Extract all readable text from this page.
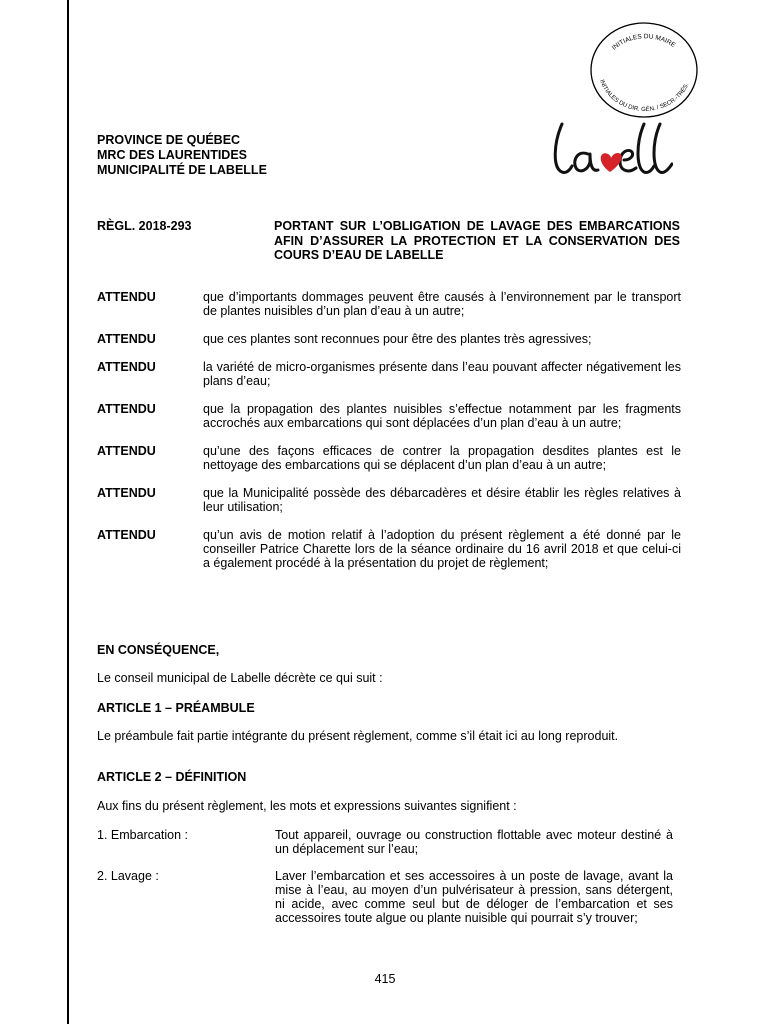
INITIALES DU MAIRE
INITIALES DU DIR. GÉN. / SECR.-TRÉS.
PROVINCE DE QUÉBEC
MRC DES LAURENTIDES
MUNICIPALITÉ DE LABELLE
RÈGL. 2018-293	PORTANT SUR L’OBLIGATION DE LAVAGE DES EMBARCATIONS AFIN D’ASSURER LA PROTECTION ET LA CONSERVATION DES COURS D’EAU DE LABELLE
ATTENDU	que d’importants dommages peuvent être causés à l’environnement par le transport de plantes nuisibles d’un plan d’eau à un autre;
ATTENDU	que ces plantes sont reconnues pour être des plantes très agressives;
ATTENDU	la variété de micro-organismes présente dans l’eau pouvant affecter négativement les plans d’eau;
ATTENDU	que la propagation des plantes nuisibles s’effectue notamment par les fragments accrochés aux embarcations qui sont déplacées d’un plan d’eau à un autre;
ATTENDU	qu’une des façons efficaces de contrer la propagation desdites plantes est le nettoyage des embarcations qui se déplacent d’un plan d’eau à un autre;
ATTENDU	que la Municipalité possède des débarcadères et désire établir les règles relatives à leur utilisation;
ATTENDU	qu’un avis de motion relatif à l’adoption du présent règlement a été donné par le conseiller Patrice Charette lors de la séance ordinaire du 16 avril 2018 et que celui-ci a également procédé à la présentation du projet de règlement;
EN CONSÉQUENCE,
Le conseil municipal de Labelle décrète ce qui suit :
ARTICLE 1 – PRÉAMBULE
Le préambule fait partie intégrante du présent règlement, comme s’il était ici au long reproduit.
ARTICLE 2 – DÉFINITION
Aux fins du présent règlement, les mots et expressions suivantes signifient :
1. Embarcation :	Tout appareil, ouvrage ou construction flottable avec moteur destiné à un déplacement sur l’eau;
2. Lavage :	Laver l’embarcation et ses accessoires à un poste de lavage, avant la mise à l’eau, au moyen d’un pulvérisateur à pression, sans détergent, ni acide, avec comme seul but de déloger de l’embarcation et ses accessoires toute algue ou plante nuisible qui pourrait s’y trouver;
415
